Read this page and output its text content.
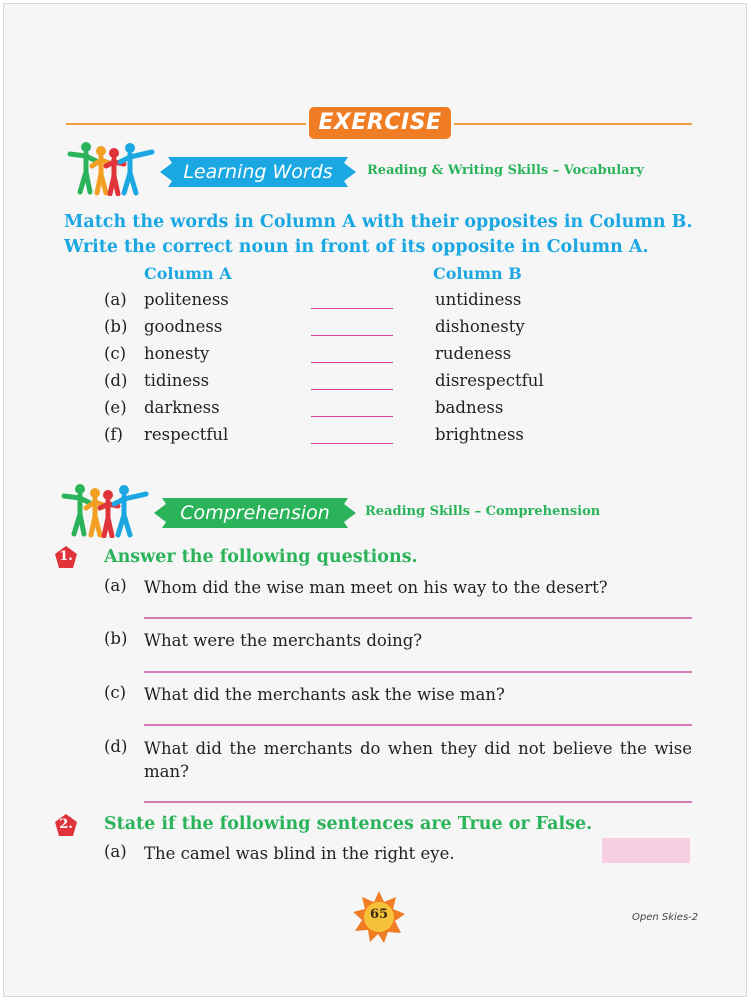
EXERCISE
Learning Words	Reading & Writing Skills – Vocabulary
Match the words in Column A with their opposites in Column B.
Write the correct noun in front of its opposite in Column A.
Column A	Column B
(a) politeness	untidiness
(b) goodness	dishonesty
(c) honesty	rudeness
(d) tidiness	disrespectful
(e) darkness	badness
(f) respectful	brightness
Comprehension	Reading Skills – Comprehension
1. Answer the following questions.
(a) Whom did the wise man meet on his way to the desert?
(b) What were the merchants doing?
(c) What did the merchants ask the wise man?
(d) What did the merchants do when they did not believe the wise man?
2. State if the following sentences are True or False.
(a) The camel was blind in the right eye.
65	Open Skies-2
